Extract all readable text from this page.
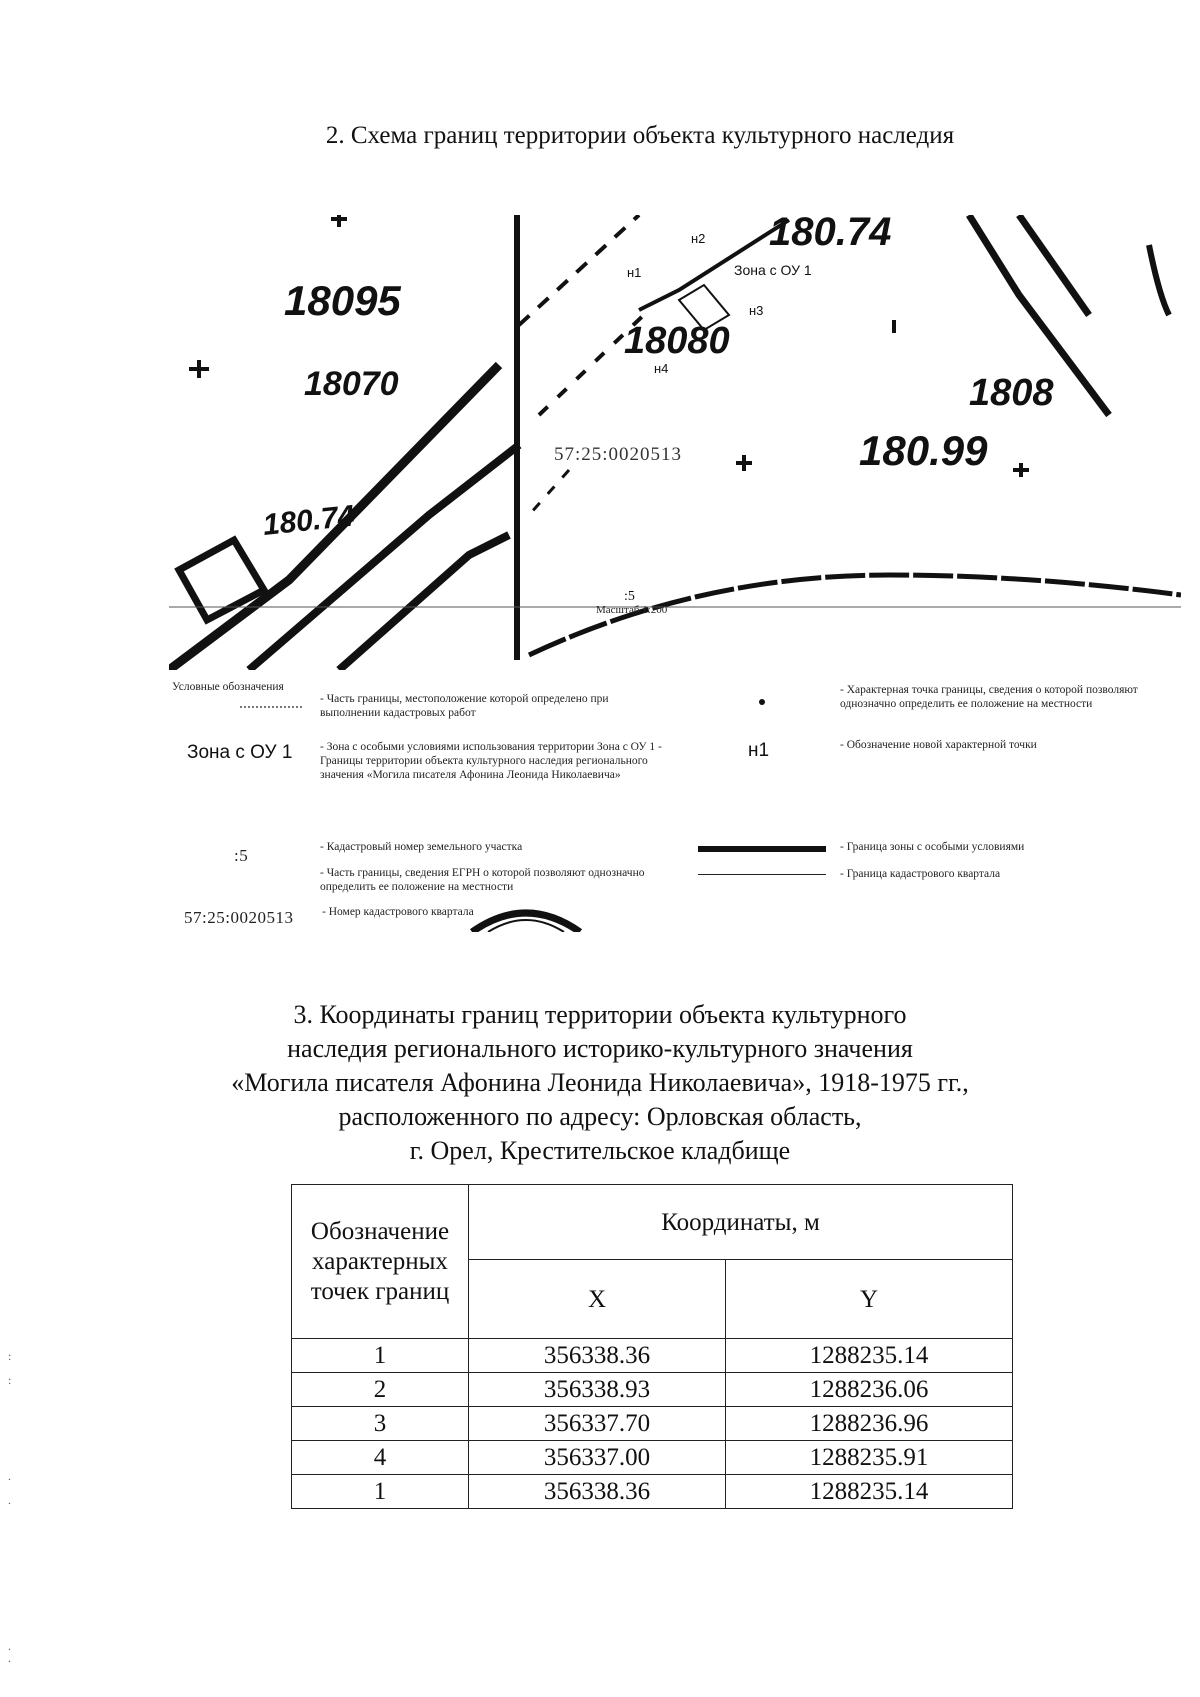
2. Схема границ территории объекта культурного наследия
180.74
18095
18070
180.74
18080
180.99
1808
н1
н2
н3
н4
Зона с ОУ 1
57:25:0020513
:5
Масштаб 1:200
Условные обозначения
- Часть границы, местоположение которой определено при выполнении кадастровых работ
Зона с ОУ 1 - Зона с особыми условиями использования территории Зона с ОУ 1 - Границы территории объекта культурного наследия регионального значения «Могила писателя Афонина Леонида Николаевича»
:5	- Кадастровый номер земельного участка
- Часть границы, сведения ЕГРН о которой позволяют однозначно определить ее положение на местности
57:25:0020513 - Номер кадастрового квартала
- Характерная точка границы, сведения о которой позволяют однозначно определить ее положение на местности
н1	- Обозначение новой характерной точки
- Граница зоны с особыми условиями
- Граница кадастрового квартала
3. Координаты границ территории объекта культурного
наследия регионального историко-культурного значения
«Могила писателя Афонина Леонида Николаевича», 1918-1975 гг.,
расположенного по адресу: Орловская область,
г. Орел, Крестительское кладбище
Обозначение характерных точек границ	Координаты, м	
	X	Y
1	356338.36	1288235.14
2	356338.93	1288236.06
3	356337.70	1288236.96
4	356337.00	1288235.91
1	356338.36	1288235.14
:

:
.

.
.
.
